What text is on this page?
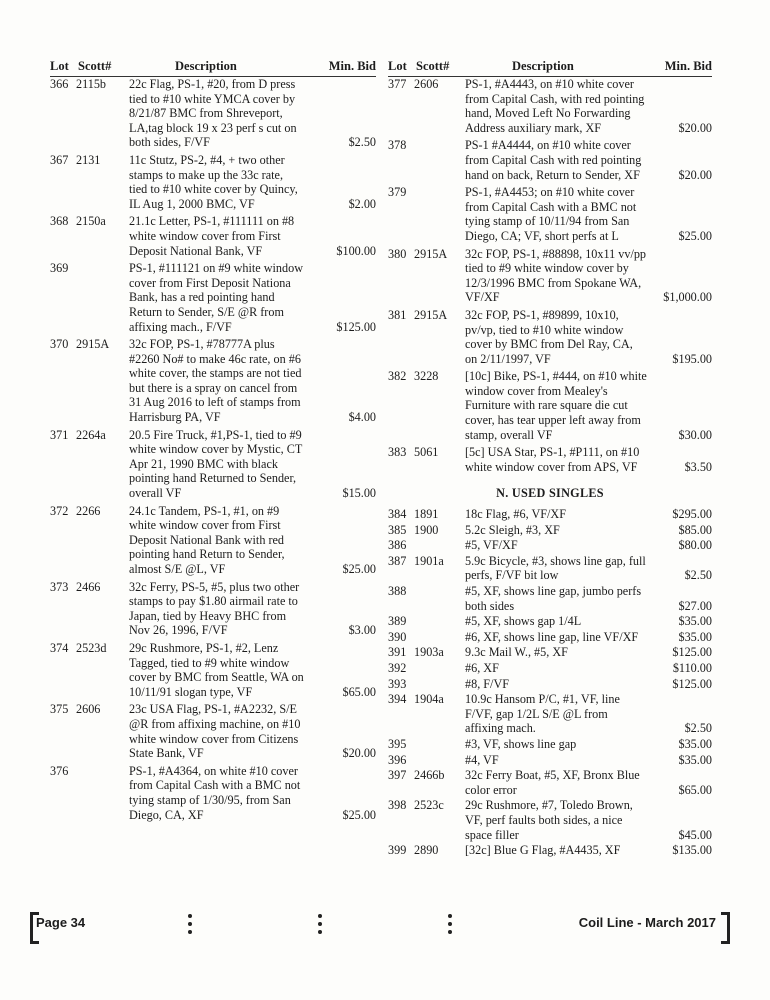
Lot Scott#	Description	Min. Bid
366 2115b 22c Flag, PS-1, #20, from D press tied to #10 white YMCA cover by 8/21/87 BMC from Shreveport, LA,tag block 19 x 23 perf s cut on both sides, F/VF	$2.50
367 2131 11c Stutz, PS-2, #4, + two other stamps to make up the 33c rate, tied to #10 white cover by Quincy, IL Aug 1, 2000 BMC, VF	$2.00
368 2150a 21.1c Letter, PS-1, #111111 on #8 white window cover from First Deposit National Bank, VF	$100.00
369	PS-1, #111121 on #9 white window cover from First Deposit Nationa Bank, has a red pointing hand Return to Sender, S/E @R from affixing mach., F/VF	$125.00
370 2915A 32c FOP, PS-1, #78777A plus #2260 No# to make 46c rate, on #6 white cover, the stamps are not tied but there is a spray on cancel from 31 Aug 2016 to left of stamps from Harrisburg PA, VF	$4.00
371 2264a 20.5 Fire Truck, #1,PS-1, tied to #9 white window cover by Mystic, CT Apr 21, 1990 BMC with black pointing hand Returned to Sender, overall VF	$15.00
372 2266 24.1c Tandem, PS-1, #1, on #9 white window cover from First Deposit National Bank with red pointing hand Return to Sender, almost S/E @L, VF	$25.00
373 2466 32c Ferry, PS-5, #5, plus two other stamps to pay $1.80 airmail rate to Japan, tied by Heavy BHC from Nov 26, 1996, F/VF	$3.00
374 2523d 29c Rushmore, PS-1, #2, Lenz Tagged, tied to #9 white window cover by BMC from Seattle, WA on 10/11/91 slogan type, VF	$65.00
375 2606 23c USA Flag, PS-1, #A2232, S/E @R from affixing machine, on #10 white window cover from Citizens State Bank, VF	$20.00
376	PS-1, #A4364, on white #10 cover from Capital Cash with a BMC not tying stamp of 1/30/95, from San Diego, CA, XF	$25.00
Lot Scott#	Description	Min. Bid
377 2606 PS-1, #A4443, on #10 white cover from Capital Cash, with red pointing hand, Moved Left No Forwarding Address auxiliary mark, XF	$20.00
378	PS-1 #A4444, on #10 white cover from Capital Cash with red pointing hand on back, Return to Sender, XF	$20.00
379	PS-1, #A4453; on #10 white cover from Capital Cash with a BMC not tying stamp of 10/11/94 from San Diego, CA; VF, short perfs at L	$25.00
380 2915A 32c FOP, PS-1, #88898, 10x11 vv/pp tied to #9 white window cover by 12/3/1996 BMC from Spokane WA, VF/XF	$1,000.00
381 2915A 32c FOP, PS-1, #89899, 10x10, pv/vp, tied to #10 white window cover by BMC from Del Ray, CA, on 2/11/1997, VF	$195.00
382 3228 [10c] Bike, PS-1, #444, on #10 white window cover from Mealey's Furniture with rare square die cut cover, has tear upper left away from stamp, overall VF	$30.00
383 5061 [5c] USA Star, PS-1, #P111, on #10 white window cover from APS, VF	$3.50
N. USED SINGLES
384 1891 18c Flag, #6, VF/XF	$295.00
385 1900 5.2c Sleigh, #3, XF	$85.00
386	#5, VF/XF	$80.00
387 1901a 5.9c Bicycle, #3, shows line gap, full perfs, F/VF bit low	$2.50
388	#5, XF, shows line gap, jumbo perfs both sides	$27.00
389	#5, XF, shows gap 1/4L	$35.00
390	#6, XF, shows line gap, line VF/XF	$35.00
391 1903a 9.3c Mail W., #5, XF	$125.00
392	#6, XF	$110.00
393	#8, F/VF	$125.00
394 1904a 10.9c Hansom P/C, #1, VF, line F/VF, gap 1/2L S/E @L from affixing mach.	$2.50
395	#3, VF, shows line gap	$35.00
396	#4, VF	$35.00
397 2466b 32c Ferry Boat, #5, XF, Bronx Blue color error	$65.00
398 2523c 29c Rushmore, #7, Toledo Brown, VF, perf faults both sides, a nice space filler	$45.00
399 2890 [32c] Blue G Flag, #A4435, XF	$135.00
Page 34	Coil Line - March 2017
